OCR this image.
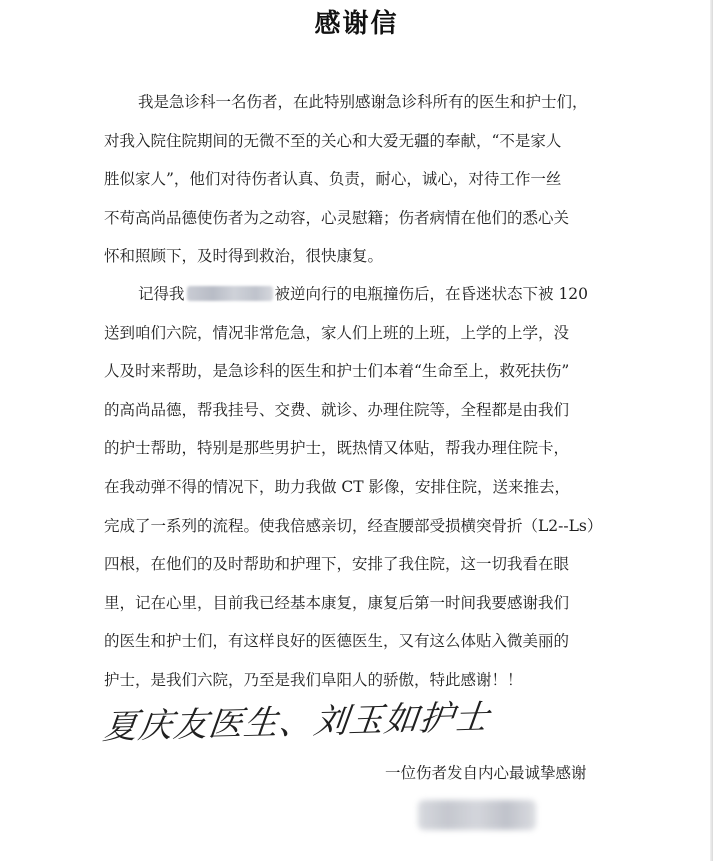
感谢信
我是急诊科一名伤者，在此特别感谢急诊科所有的医生和护士们，
对我入院住院期间的无微不至的关心和大爱无疆的奉献，“不是家人
胜似家人”，他们对待伤者认真、负责，耐心，诚心，对待工作一丝
不苟高尚品德使伤者为之动容，心灵慰籍；伤者病情在他们的悉心关
怀和照顾下，及时得到救治，很快康复。
记得我	被逆向行的电瓶撞伤后，在昏迷状态下被 120
送到咱们六院，情况非常危急，家人们上班的上班，上学的上学，没
人及时来帮助，是急诊科的医生和护士们本着“生命至上，救死扶伤”
的高尚品德，帮我挂号、交费、就诊、办理住院等，全程都是由我们
的护士帮助，特别是那些男护士，既热情又体贴，帮我办理住院卡，
在我动弹不得的情况下，助力我做 CT 影像，安排住院，送来推去，
完成了一系列的流程。使我倍感亲切，经查腰部受损横突骨折（L2--Ls）
四根，在他们的及时帮助和护理下，安排了我住院，这一切我看在眼
里，记在心里，目前我已经基本康复，康复后第一时间我要感谢我们
的医生和护士们，有这样良好的医德医生，又有这么体贴入微美丽的
护士，是我们六院，乃至是我们阜阳人的骄傲，特此感谢！！
夏庆友医生、刘玉如护士
一位伤者发自内心最诚挚感谢
